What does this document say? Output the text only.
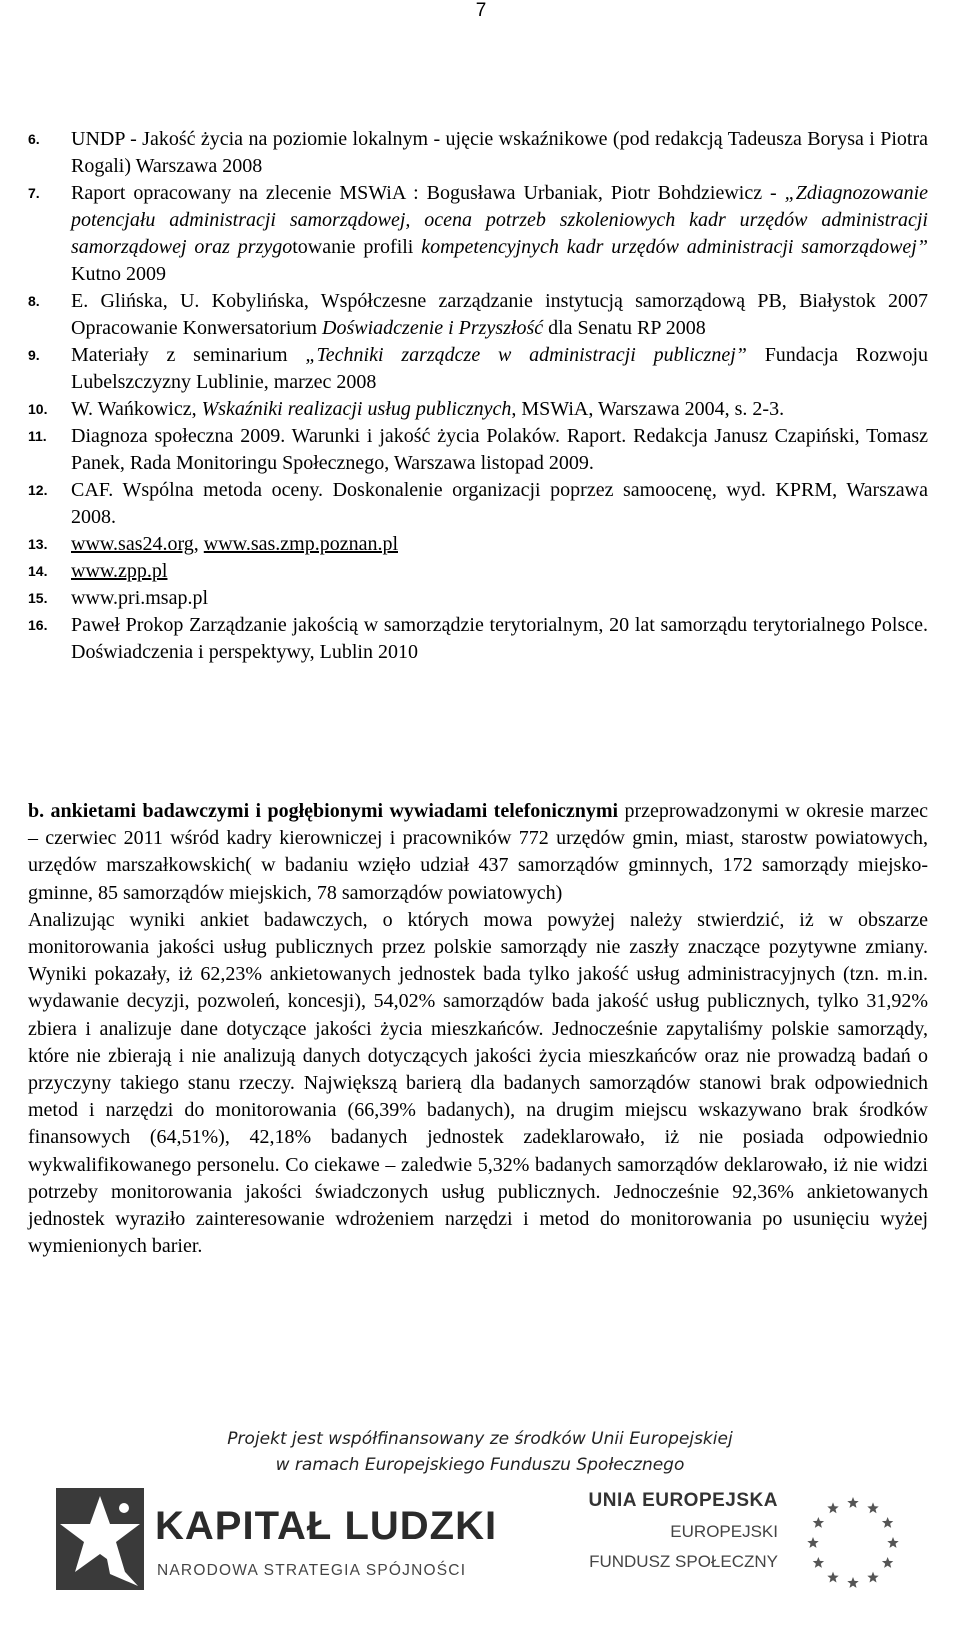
7
6. UNDP - Jakość życia na poziomie lokalnym - ujęcie wskaźnikowe (pod redakcją Tadeusza Borysa i Piotra Rogali) Warszawa 2008
7. Raport opracowany na zlecenie MSWiA : Bogusława Urbaniak, Piotr Bohdziewicz - „Zdiagnozowanie potencjału administracji samorządowej, ocena potrzeb szkoleniowych kadr urzędów administracji samorządowej oraz przygotowanie profili kompetencyjnych kadr urzędów administracji samorządowej” Kutno 2009
8. E. Glińska, U. Kobylińska, Współczesne zarządzanie instytucją samorządową PB, Białystok 2007 Opracowanie Konwersatorium Doświadczenie i Przyszłość dla Senatu RP 2008
9. Materiały z seminarium „Techniki zarządcze w administracji publicznej” Fundacja Rozwoju Lubelszczyzny Lublinie, marzec 2008
10. W. Wańkowicz, Wskaźniki realizacji usług publicznych, MSWiA, Warszawa 2004, s. 2-3.
11. Diagnoza społeczna 2009. Warunki i jakość życia Polaków. Raport. Redakcja Janusz Czapiński, Tomasz Panek, Rada Monitoringu Społecznego, Warszawa listopad 2009.
12. CAF. Wspólna metoda oceny. Doskonalenie organizacji poprzez samoocenę, wyd. KPRM, Warszawa 2008.
13. www.sas24.org, www.sas.zmp.poznan.pl
14. www.zpp.pl
15. www.pri.msap.pl
16. Paweł Prokop Zarządzanie jakością w samorządzie terytorialnym, 20 lat samorządu terytorialnego Polsce. Doświadczenia i perspektywy, Lublin 2010

b. ankietami badawczymi i pogłębionymi wywiadami telefonicznymi przeprowadzonymi w okresie marzec – czerwiec 2011 wśród kadry kierowniczej i pracowników 772 urzędów gmin, miast, starostw powiatowych, urzędów marszałkowskich( w badaniu wzięło udział 437 samorządów gminnych, 172 samorządy miejsko- gminne, 85 samorządów miejskich, 78 samorządów powiatowych)

Analizując wyniki ankiet badawczych, o których mowa powyżej należy stwierdzić, iż w obszarze monitorowania jakości usług publicznych przez polskie samorządy nie zaszły znaczące pozytywne zmiany. Wyniki pokazały, iż 62,23% ankietowanych jednostek bada tylko jakość usług administracyjnych (tzn. m.in. wydawanie decyzji, pozwoleń, koncesji), 54,02% samorządów bada jakość usług publicznych, tylko 31,92% zbiera i analizuje dane dotyczące jakości życia mieszkańców. Jednocześnie zapytaliśmy polskie samorządy, które nie zbierają i nie analizują danych dotyczących jakości życia mieszkańców oraz nie prowadzą badań o przyczyny takiego stanu rzeczy. Największą barierą dla badanych samorządów stanowi brak odpowiednich metod i narzędzi do monitorowania (66,39% badanych), na drugim miejscu wskazywano brak środków finansowych (64,51%), 42,18% badanych jednostek zadeklarowało, iż nie posiada odpowiednio wykwalifikowanego personelu. Co ciekawe – zaledwie 5,32% badanych samorządów deklarowało, iż nie widzi potrzeby monitorowania jakości świadczonych usług publicznych. Jednocześnie 92,36% ankietowanych jednostek wyraziło zainteresowanie wdrożeniem narzędzi i metod do monitorowania po usunięciu wyżej wymienionych barier.

Projekt jest współfinansowany ze środków Unii Europejskiej
w ramach Europejskiego Funduszu Społecznego
KAPITAŁ LUDZKI
NARODOWA STRATEGIA SPÓJNOŚCI
UNIA EUROPEJSKA
EUROPEJSKI
FUNDUSZ SPOŁECZNY
